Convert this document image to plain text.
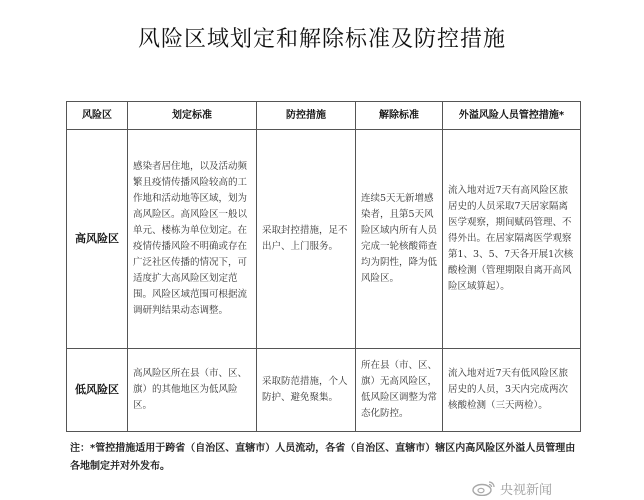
风险区域划定和解除标准及防控措施
风险区	划定标准	防控措施	解除标准	外溢风险人员管控措施*
高风险区	感染者居住地，以及活动频繁且疫情传播风险较高的工作地和活动地等区域，划为高风险区。高风险区一般以单元、楼栋为单位划定。在疫情传播风险不明确或存在广泛社区传播的情况下，可适度扩大高风险区划定范围。风险区域范围可根据流调研判结果动态调整。	采取封控措施，足不出户、上门服务。	连续5天无新增感染者，且第5天风险区域内所有人员完成一轮核酸筛查均为阴性，降为低风险区。	流入地对近7天有高风险区旅居史的人员采取7天居家隔离医学观察，期间赋码管理、不得外出。在居家隔离医学观察第1、3、5、7天各开展1次核酸检测（管理期限自离开高风险区域算起）。
低风险区	高风险区所在县（市、区、旗）的其他地区为低风险区。	采取防范措施，个人防护、避免聚集。	所在县（市、区、旗）无高风险区，低风险区调整为常态化防控。	流入地对近7天有低风险区旅居史的人员，3天内完成两次核酸检测（三天两检）。
注：*管控措施适用于跨省（自治区、直辖市）人员流动，各省（自治区、直辖市）辖区内高风险区外溢人员管理由各地制定并对外发布。
央视新闻
